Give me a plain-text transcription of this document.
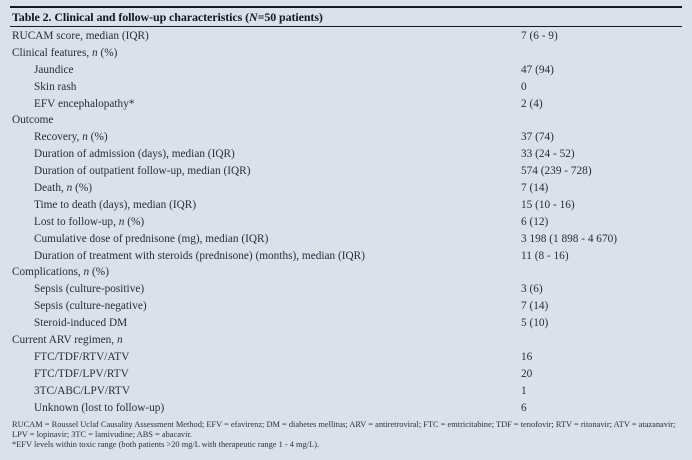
Table 2. Clinical and follow-up characteristics (N=50 patients)
RUCAM score, median (IQR)	7 (6 - 9)
Clinical features, n (%)
Jaundice	47 (94)
Skin rash	0
EFV encephalopathy*	2 (4)
Outcome
Recovery, n (%)	37 (74)
Duration of admission (days), median (IQR)	33 (24 - 52)
Duration of outpatient follow-up, median (IQR)	574 (239 - 728)
Death, n (%)	7 (14)
Time to death (days), median (IQR)	15 (10 - 16)
Lost to follow-up, n (%)	6 (12)
Cumulative dose of prednisone (mg), median (IQR)	3 198 (1 898 - 4 670)
Duration of treatment with steroids (prednisone) (months), median (IQR)	11 (8 - 16)
Complications, n (%)
Sepsis (culture-positive)	3 (6)
Sepsis (culture-negative)	7 (14)
Steroid-induced DM	5 (10)
Current ARV regimen, n
FTC/TDF/RTV/ATV	16
FTC/TDF/LPV/RTV	20
3TC/ABC/LPV/RTV	1
Unknown (lost to follow-up)	6

RUCAM = Roussel Uclaf Causality Assessment Method; EFV = efavirenz; DM = diabetes mellitus; ARV = antiretroviral; FTC = emtricitabine; TDF = tenofovir; RTV = ritonavir; ATV = atazanavir; LPV = lopinavir; 3TC = lamivudine; ABS = abacavir.

*EFV levels within toxic range (both patients >20 mg/L with therapeutic range 1 - 4 mg/L).
